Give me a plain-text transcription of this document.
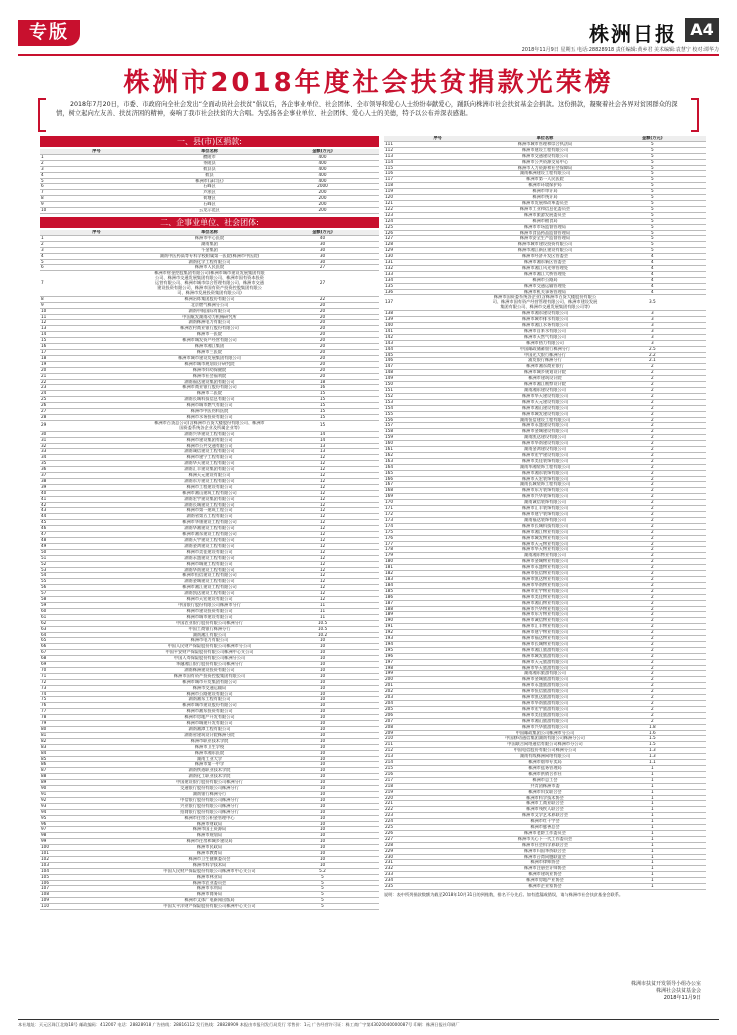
专版	株洲日报 A4
2018年11月9日 星期五 电话:28828918 责任编辑:黄乡君 美术编辑:袁慧宁 校对:谭华力
株洲市2018年度社会扶贫捐款光荣榜
2018年7月20日，市委、市政府向全社会发出“全面动员社会扶贫”倡议后，各企事业单位、社会团体、全市领导和爱心人士纷纷奉献爱心，踊跃向株洲市社会扶贫基金会捐款。这份捐款，凝聚着社会各界对贫困群众的深情，树立起向左友善、扶贫济困的精神，奏响了我市社会扶贫的大合唱。为弘扬各企事业单位、社会团体、爱心人士的美德，特予以公布并深表感谢。
一、县(市)区捐款:
序号	单位名称	金额(万元)
1	醴陵市	400
2	茶陵县	400
3	攸县县	400
4	攸县	400
5	株洲市(渌口区)	400
6	石峰区	2000
7	芦淞区	200
8	荷塘区	200
9	石峰区	200
10	云龙示范区	200
二、企事业单位、社会团体:
序号	单位名称	金额(万元)
1	株洲市中心医院	40
2	湖南集团	30
3	千金集团	30
4	湖南中医药高等专科学校附属第一医院(株洲市中医院)	30
5	湖南化学工程有限公司	30
6	株洲市人民医院	27
7	株洲市财金控股集团有限公司(株洲市城市建设发展集团有限公司、株洲市交通发展集团有限公司、株洲市国有资本投资运营有限公司、株洲市城市综合管理有限公司、株洲市交通建设投资有限公司、株洲市国有资产投资控股集团有限公司、株洲市发展投资集团有限公司)	27
8	株洲冶炼集团股份有限公司	22
9	北京燃气株洲分公司	20
10	湖南中航国际有限公司	20
11	中国航发湖南动力机械研究所	20
12	湖南株洲电力有限公司	20
13	株洲农村商业银行股份有限公司	20
14	株洲市一医院	20
15	株洲市城发资产经营有限公司	20
16	株洲市湘江集团	20
17	株洲市三医院	20
18	株洲市城市建设发展集团有限公司	20
19	株洲市城市规划设计研究院	20
20	株洲市妇幼保健院	20
21	株洲市社会福利院	20
22	湖南福达建设集团有限公司	18
23	株洲市商业银行股份有限公司	16
24	株洲市二医院	15
25	湖南长城科技信息有限公司	15
26	株洲市城市燃气有限公司	15
27	株洲市中医伤科医院	15
28	株洲市水务投资有限公司	15
29	株洲市百货总公司(含株洲市百货大楼股份有限公司、株洲市国资委系统各企业及所属企业等)	15
30	湖南兴华建设工程有限公司	14
31	株洲市建设集团有限公司	14
32	株洲市公共交通有限公司	13
33	湖南诚信建设工程有限公司	13
34	株洲市建宁工程有限公司	12
35	湖南华天建设工程有限公司	12
36	湖南汇丰建设集团有限公司	12
37	株洲天元建设有限公司	12
38	湖南东方建设工程有限公司	12
39	株洲市工程建设有限公司	12
40	株洲市湘山建筑工程有限公司	12
41	湖南宏宇建设集团有限公司	12
42	湖南长城建设工程有限公司	12
43	株洲市第一建筑工程公司	12
44	湖南省第五工程有限公司	12
45	株洲市华康建设工程有限公司	12
46	湖南华湘建设工程有限公司	12
47	株洲市湘东建设工程有限公司	12
48	湖南天宇建设工程有限公司	12
49	湖南金鸿建设工程有限公司	12
50	株洲市美佳建设有限公司	12
51	湖南永盛建设工程有限公司	12
52	株洲市城建工程有限公司	12
53	湖南华南建设工程有限公司	12
54	株洲市恒信建设工程有限公司	12
55	湖南金城建设工程有限公司	12
56	株洲市湘江建设工程有限公司	12
57	湖南凯达建设工程有限公司	12
58	株洲市天宏建设有限公司	12
59	中国银行股份有限公司株洲市分行	11
60	株洲市建设投资有限公司	11
61	株洲市城市建设有限公司	11
62	中国农业银行股份有限公司株洲分行	10.5
63	中国工商银行株洲分行	10.5
64	湖南湘江有限公司	10.2
65	株洲市电力有限公司	10
66	中国人民财产保险股份有限公司株洲市分公司	10
67	中国平安财产保险股份有限公司株洲中心支公司	10
68	中国人寿保险股份有限公司株洲分公司	10
69	华融湘江银行股份有限公司株洲分行	10
70	湖南株洲建设投资有限公司	10
71	株洲市国有资产投资控股集团有限公司	10
72	株洲市城市开发集团有限公司	10
73	株洲市交通运输局	10
74	株洲市公路建设有限公司	10
75	湖南湘东工程有限公司	10
76	株洲市城市建设股份有限公司	10
77	株洲市湘东投资有限公司	10
78	株洲市房地产开发有限公司	10
79	株洲市城建开发有限公司	10
80	湖南湘潭工程有限公司	10
81	湖南省建筑设计院株洲分院	10
82	株洲市职业技术学院	10
83	株洲市卫生学校	10
84	株洲市湘东医院	10
85	湖南工业大学	10
86	株洲市第一中学	10
87	湖南铁道职业技术学院	10
88	湖南化工职业技术学院	10
89	中国建设银行股份有限公司株洲分行	10
90	交通银行股份有限公司株洲分行	10
91	湖南银行株洲分行	10
92	中信银行股份有限公司株洲分行	10
93	兴业银行股份有限公司株洲分行	10
94	招商银行股份有限公司株洲分行	10
95	株洲市住房公积金管理中心	10
96	株洲市财政局	10
97	株洲市国土资源局	10
98	株洲市规划局	10
99	株洲市住房和城乡建设局	10
100	株洲市民政局	10
101	株洲市教育局	10
102	株洲市卫生健康委员会	10
103	株洲市科学技术局	10
104	中国人民财产保险股份有限公司株洲市中心支公司	5.2
105	株洲市林业局	5
106	株洲市农业委员会	5
107	株洲市水利局	5
108	株洲市商务局	5
109	株洲市文体广电新闻出版局	5
110	中国太平洋财产保险股份有限公司株洲中心支公司	5
序号	单位名称	金额(万元)
111	株洲市城市管理和综合执法局	5
112	株洲市建设工程有限公司	5
113	株洲市交通建设有限公司	5
114	株洲市公共资源交易中心	5
115	株洲市人力资源和社会保障局	5
116	湖南株洲建设工程有限公司	5
117	株洲市第一人民医院	5
118	株洲市环境保护局	5
119	株洲市审计局	5
120	株洲市统计局	5
121	株洲市发展和改革委员会	5
122	株洲市工业和信息化委员会	5
123	株洲市旅游发展委员会	5
124	株洲市粮食局	5
125	株洲市市场监督管理局	5
126	株洲市食品药品监督管理局	5
127	株洲市安全生产监督管理局	5
128	株洲市城市建设投资有限公司	5
129	株洲市湘江新区建设有限公司	5
130	株洲市经济开发区管委会	4
131	株洲市湘东新区管委会	4
132	株洲市湘江风光带管理处	4
133	株洲市湘江大桥管理处	4
134	株洲市公路局	4
135	株洲市交通运输管理处	4
136	株洲市机关事务管理局	4
137	株洲市国资委系统各企业(含株洲市百货大楼股份有限公司、株洲市国有资产经营管理有限公司、株洲市建设发展集团有限公司、株洲市交通发展集团有限公司等)	3.5
138	株洲市湘东建设有限公司	3
139	株洲市城市排水有限公司	3
140	株洲市湘江水务有限公司	3
141	株洲市自来水有限公司	3
142	株洲市天然气有限公司	3
143	株洲市热力有限公司	3
144	中国邮政储蓄银行株洲分行	2.5
145	中国光大银行株洲分行	2.2
146	浦发银行株洲分行	2.1
147	株洲市湘东商业银行	2
148	株洲市城乡规划设计院	2
149	株洲市建筑设计院	2
150	株洲市湘江勘察设计院	2
151	湖南湘东建设有限公司	2
152	株洲市华天建设有限公司	2
153	株洲市天元建设有限公司	2
154	株洲市湘山建设有限公司	2
155	株洲市城发建设有限公司	2
156	湖南恒信建设工程有限公司	2
157	株洲市永盛建设有限公司	2
158	株洲市金城建设有限公司	2
159	湖南凯达建设有限公司	2
160	株洲市华南建设有限公司	2
161	湖南金鸿建设有限公司	2
162	株洲市宏宇建设有限公司	2
163	株洲市美佳装饰有限公司	2
164	湖南华湘装饰工程有限公司	2
165	株洲市湘东装饰有限公司	2
166	株洲市天宏装饰有限公司	2
167	湖南长城装饰工程有限公司	2
168	株洲市东方装饰有限公司	2
169	株洲市兴华装饰有限公司	2
170	湖南诚信装饰有限公司	2
171	株洲市汇丰装饰有限公司	2
172	株洲市建宁装饰有限公司	2
173	湖南福达装饰有限公司	2
174	株洲市长城科技有限公司	2
175	株洲市湘江物业有限公司	2
176	株洲市城发物业有限公司	2
177	株洲市天元物业有限公司	2
178	株洲市华天物业有限公司	2
179	湖南湘东物业有限公司	2
180	株洲市金城物业有限公司	2
181	株洲市永盛物业有限公司	2
182	株洲市恒信物业有限公司	2
183	株洲市凯达物业有限公司	2
184	株洲市华南物业有限公司	2
185	株洲市宏宇物业有限公司	2
186	株洲市美佳物业有限公司	2
187	株洲市湘山物业有限公司	2
188	株洲市兴华物业有限公司	2
189	株洲市东方物业有限公司	2
190	株洲市诚信物业有限公司	2
191	株洲市汇丰物业有限公司	2
192	株洲市建宁物业有限公司	2
193	株洲市福达物业有限公司	2
194	株洲市长城物业有限公司	2
195	株洲市湘江旅游有限公司	2
196	株洲市城发旅游有限公司	2
197	株洲市天元旅游有限公司	2
198	株洲市华天旅游有限公司	2
199	湖南湘东旅游有限公司	2
200	株洲市金城旅游有限公司	2
201	株洲市永盛旅游有限公司	2
202	株洲市恒信旅游有限公司	2
203	株洲市凯达旅游有限公司	2
204	株洲市华南旅游有限公司	2
205	株洲市宏宇旅游有限公司	2
206	株洲市美佳旅游有限公司	2
207	株洲市湘山旅游有限公司	2
208	株洲市兴华旅游有限公司	1.8
209	中国邮政集团公司株洲市分公司	1.6
210	中国移动通信集团湖南有限公司株洲分公司	1.5
211	中国联合网络通信有限公司株洲市分公司	1.5
212	中国电信股份有限公司株洲分公司	1.3
213	湖南有线株洲网络有限公司	1.3
214	株洲市烟草专卖局	1.1
215	株洲市盐务管理局	1
216	株洲市供销合作社	1
217	株洲市总工会	1
218	共青团株洲市委	1
219	株洲市妇女联合会	1
220	株洲市科学技术协会	1
221	株洲市工商业联合会	1
222	株洲市残疾人联合会	1
223	株洲市文学艺术界联合会	1
224	株洲市红十字会	1
225	株洲市慈善总会	1
226	株洲市老龄工作委员会	1
227	株洲市关心下一代工作委员会	1
228	株洲市社会科学界联合会	1
229	株洲市归国华侨联合会	1
230	株洲市台湾同胞联谊会	1
231	株洲市律师协会	1
232	株洲市注册会计师协会	1
233	株洲市建筑业协会	1
234	株洲市房地产业协会	1
235	株洲市企业家协会	1
说明：表中所列捐款数额为截至2018年10月31日的到账数，排名不分先后。如有遗漏或错误，请与株洲市社会扶贫基金会联系。
株洲市扶贫开发领导小组办公室
株洲社会扶贫基金会
2018年11月9日
本社地址：天元区珠江北路18号 邮政编码：412007 电话：28828918 广告热线：28816112 发行热线：28828909 本报由市报刊发行局发行 零售价：1元 广告经营许可证：株工商广字第43020040000087号 印刷：株洲日报社印刷厂
